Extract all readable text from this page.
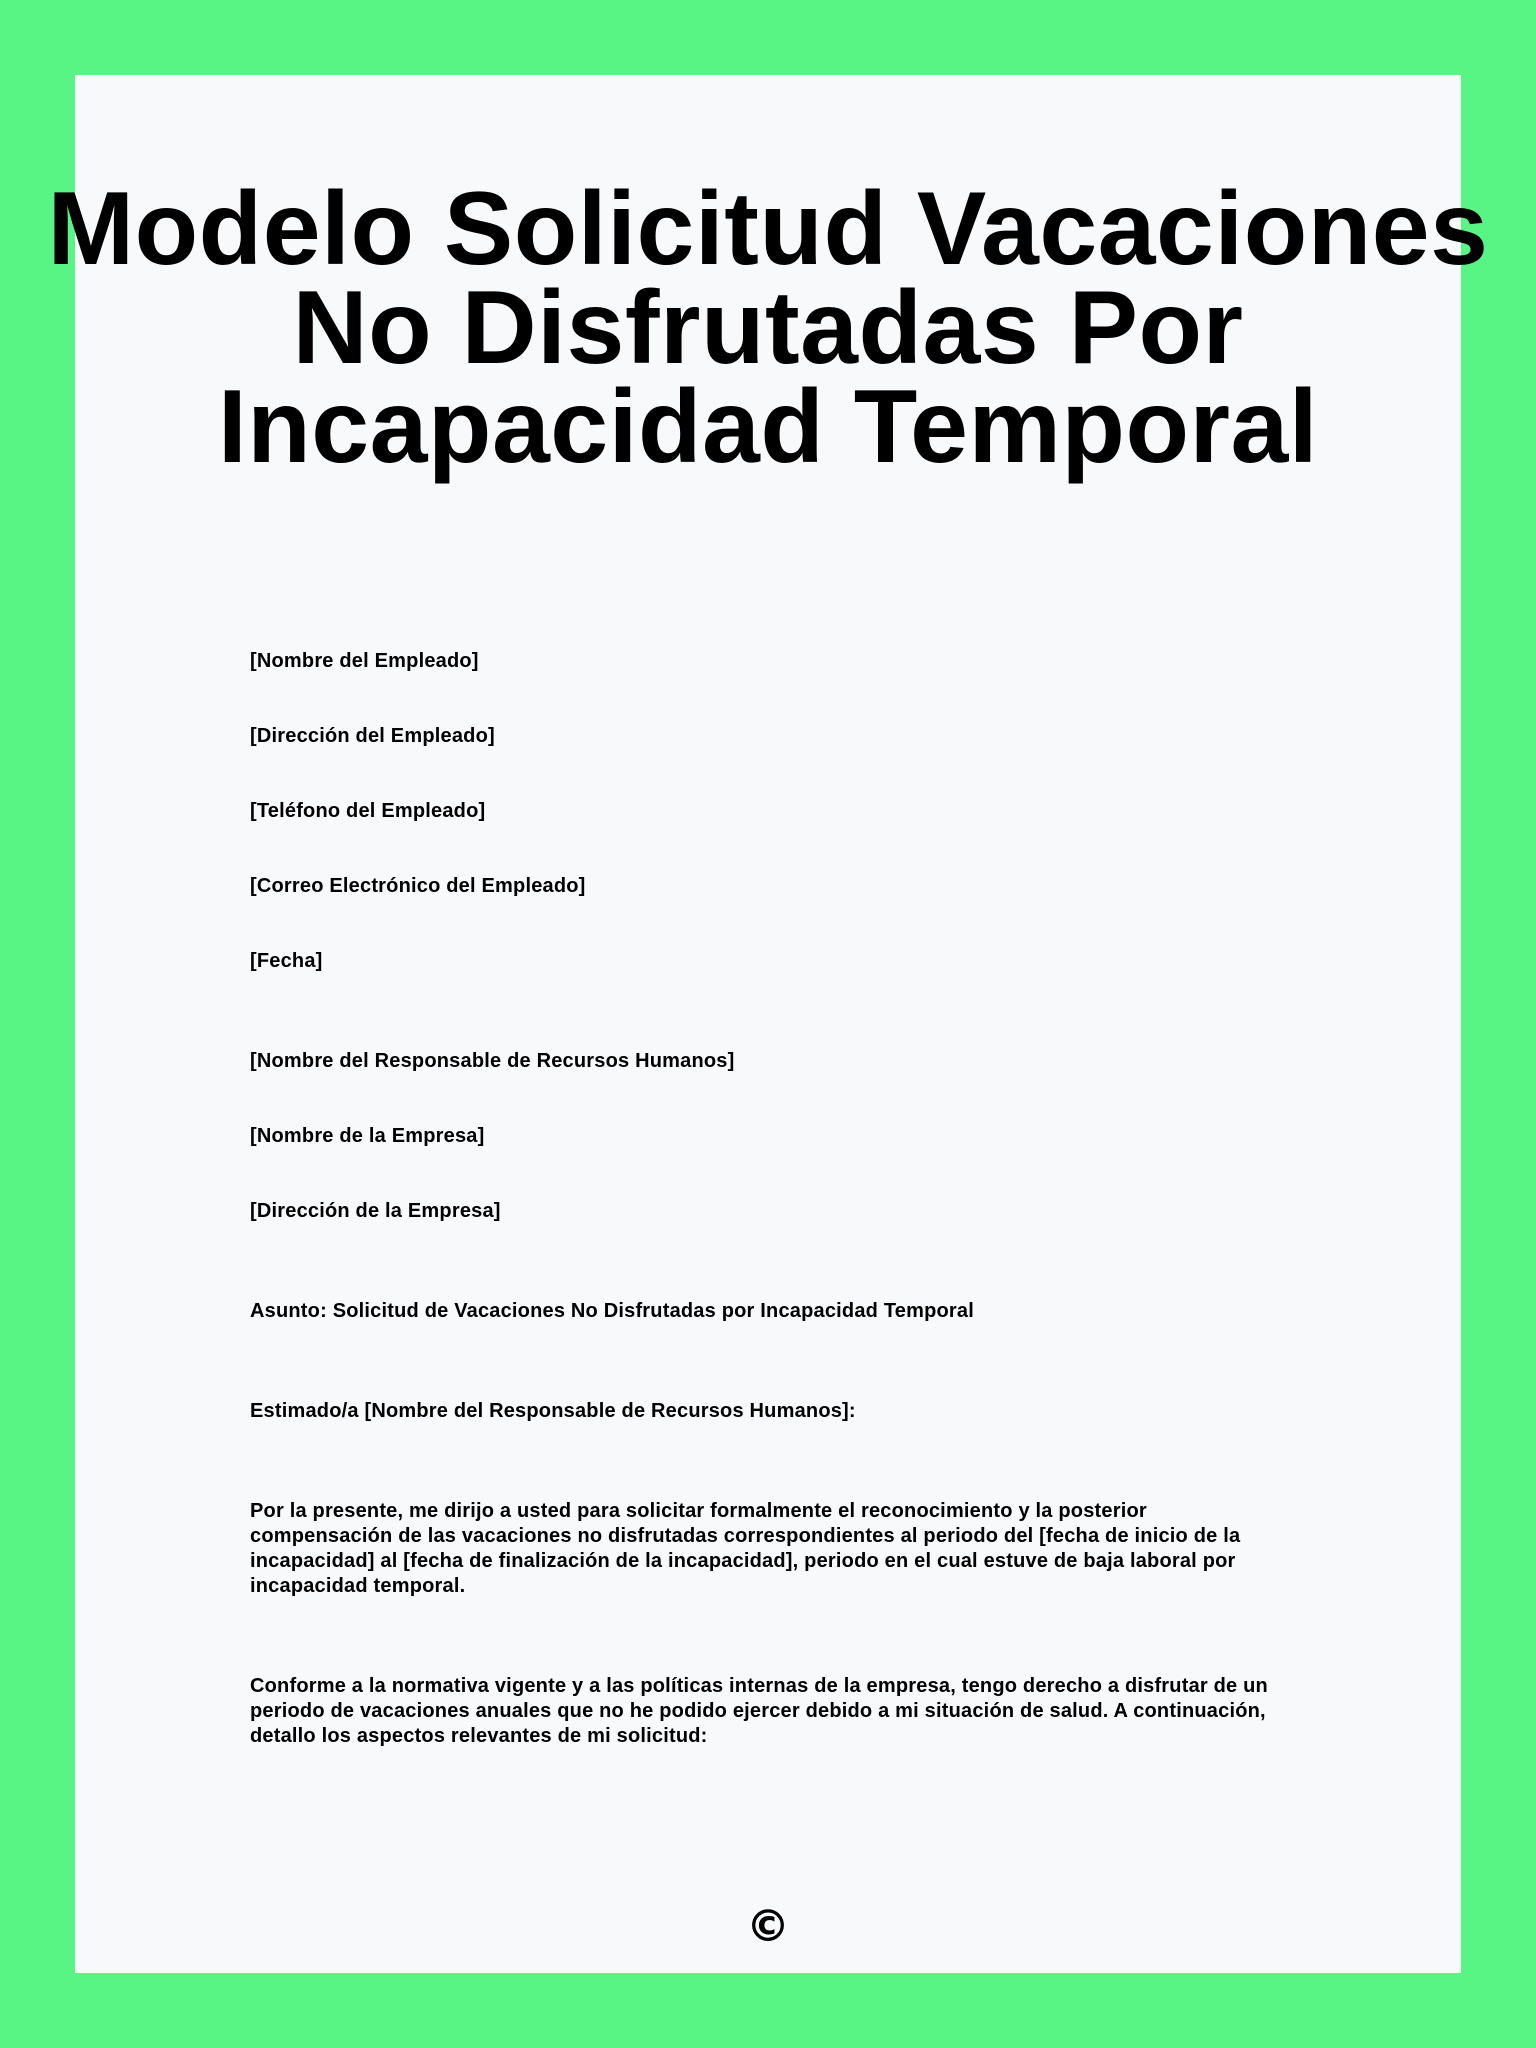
Modelo Solicitud Vacaciones No Disfrutadas Por Incapacidad Temporal

[Nombre del Empleado]

[Dirección del Empleado]

[Teléfono del Empleado]

[Correo Electrónico del Empleado]

[Fecha]

[Nombre del Responsable de Recursos Humanos]

[Nombre de la Empresa]

[Dirección de la Empresa]

Asunto: Solicitud de Vacaciones No Disfrutadas por Incapacidad Temporal

Estimado/a [Nombre del Responsable de Recursos Humanos]:

Por la presente, me dirijo a usted para solicitar formalmente el reconocimiento y la posterior compensación de las vacaciones no disfrutadas correspondientes al periodo del [fecha de inicio de la incapacidad] al [fecha de finalización de la incapacidad], periodo en el cual estuve de baja laboral por incapacidad temporal.

Conforme a la normativa vigente y a las políticas internas de la empresa, tengo derecho a disfrutar de un periodo de vacaciones anuales que no he podido ejercer debido a mi situación de salud. A continuación, detallo los aspectos relevantes de mi solicitud:

©
